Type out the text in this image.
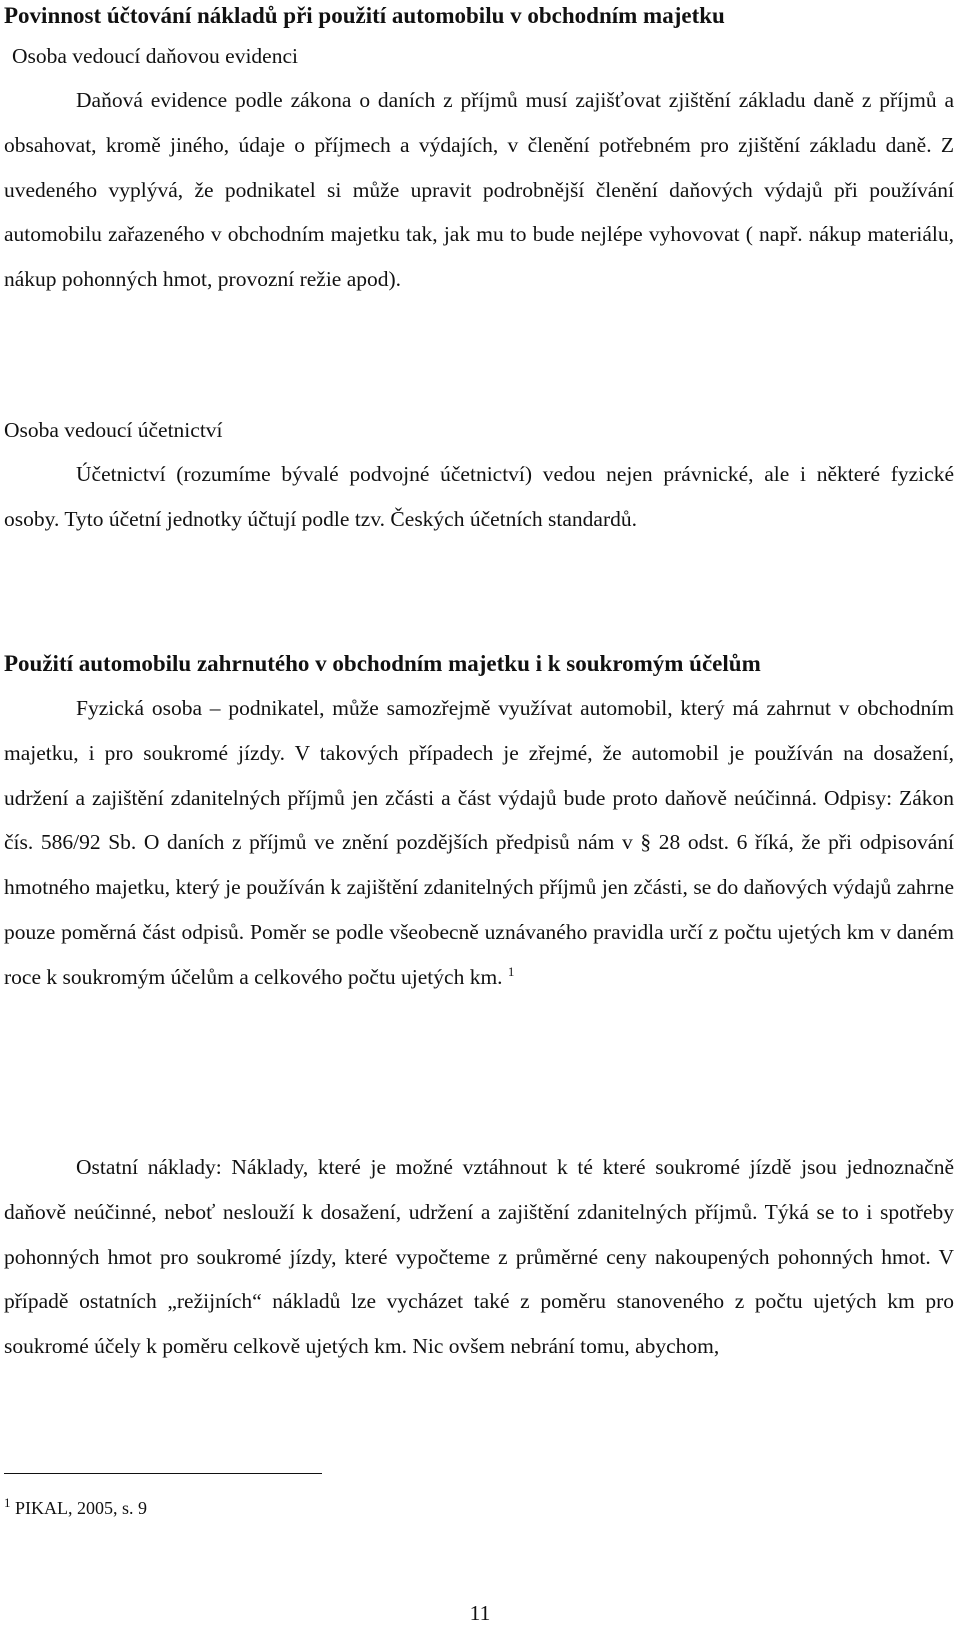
Povinnost účtování nákladů při použití automobilu v obchodním majetku
Osoba vedoucí daňovou evidenci
Daňová evidence podle zákona o daních z příjmů musí zajišťovat zjištění základu daně z příjmů a obsahovat, kromě jiného, údaje o příjmech a výdajích, v členění potřebném pro zjištění základu daně. Z uvedeného vyplývá, že podnikatel si může upravit podrobnější členění daňových výdajů při používání automobilu zařazeného v obchodním majetku tak, jak mu to bude nejlépe vyhovovat ( např. nákup materiálu, nákup pohonných hmot, provozní režie apod).
Osoba vedoucí účetnictví
Účetnictví (rozumíme bývalé podvojné účetnictví) vedou nejen právnické, ale i některé fyzické osoby. Tyto účetní jednotky účtují podle tzv. Českých účetních standardů.
Použití automobilu zahrnutého v obchodním majetku i k soukromým účelům
Fyzická osoba – podnikatel, může samozřejmě využívat automobil, který má zahrnut v obchodním majetku, i pro soukromé jízdy. V takových případech je zřejmé, že automobil je používán na dosažení, udržení a zajištění zdanitelných příjmů jen zčásti a část výdajů bude proto daňově neúčinná. Odpisy: Zákon čís. 586/92 Sb. O daních z příjmů ve znění pozdějších předpisů nám v § 28 odst. 6 říká, že při odpisování hmotného majetku, který je používán k zajištění zdanitelných příjmů jen zčásti, se do daňových výdajů zahrne pouze poměrná část odpisů. Poměr se podle všeobecně uznávaného pravidla určí z počtu ujetých km v daném roce k soukromým účelům a celkového počtu ujetých km. $^1$
Ostatní náklady: Náklady, které je možné vztáhnout k té které soukromé jízdě jsou jednoznačně daňově neúčinné, neboť neslouží k dosažení, udržení a zajištění zdanitelných příjmů. Týká se to i spotřeby pohonných hmot pro soukromé jízdy, které vypočteme z průměrné ceny nakoupených pohonných hmot. V případě ostatních „režijních“ nákladů lze vycházet také z poměru stanoveného z počtu ujetých km pro soukromé účely k poměru celkově ujetých km. Nic ovšem nebrání tomu, abychom,
$^1$ PIKAL, 2005, s. 9
11
